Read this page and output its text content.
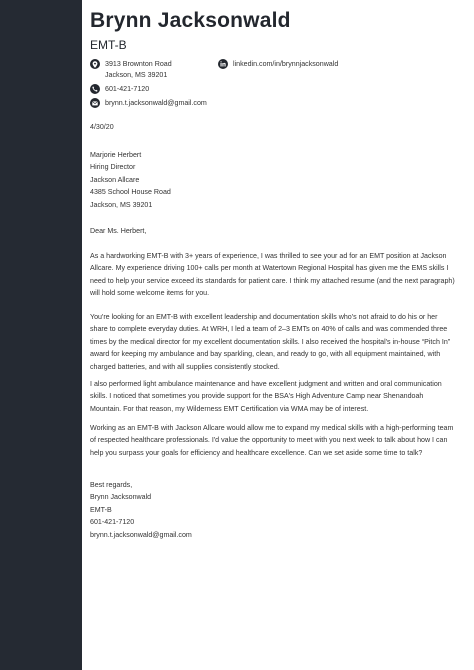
Brynn Jacksonwald
EMT-B
3913 Brownton Road
Jackson, MS 39201
linkedin.com/in/brynnjacksonwald
601-421-7120
brynn.t.jacksonwald@gmail.com
4/30/20
Marjorie Herbert
Hiring Director
Jackson Allcare
4385 School House Road
Jackson, MS 39201
Dear Ms. Herbert,
As a hardworking EMT-B with 3+ years of experience, I was thrilled to see your ad for an EMT position at Jackson
Allcare. My experience driving 100+ calls per month at Watertown Regional Hospital has given me the EMS skills I
need to help your service exceed its standards for patient care. I think my attached resume (and the next paragraph)
will hold some welcome items for you.
You're looking for an EMT-B with excellent leadership and documentation skills who's not afraid to do his or her
share to complete everyday duties. At WRH, I led a team of 2–3 EMTs on 40% of calls and was commended three
times by the medical director for my excellent documentation skills. I also received the hospital's in-house “Pitch In”
award for keeping my ambulance and bay sparkling, clean, and ready to go, with all equipment maintained, with
charged batteries, and with all supplies consistently stocked.
I also performed light ambulance maintenance and have excellent judgment and written and oral communication
skills. I noticed that sometimes you provide support for the BSA's High Adventure Camp near Shenandoah
Mountain. For that reason, my Wilderness EMT Certification via WMA may be of interest.
Working as an EMT-B with Jackson Allcare would allow me to expand my medical skills with a high-performing team
of respected healthcare professionals. I'd value the opportunity to meet with you next week to talk about how I can
help you surpass your goals for efficiency and healthcare excellence. Can we set aside some time to talk?
Best regards,
Brynn Jacksonwald
EMT-B
601-421-7120
brynn.t.jacksonwald@gmail.com
